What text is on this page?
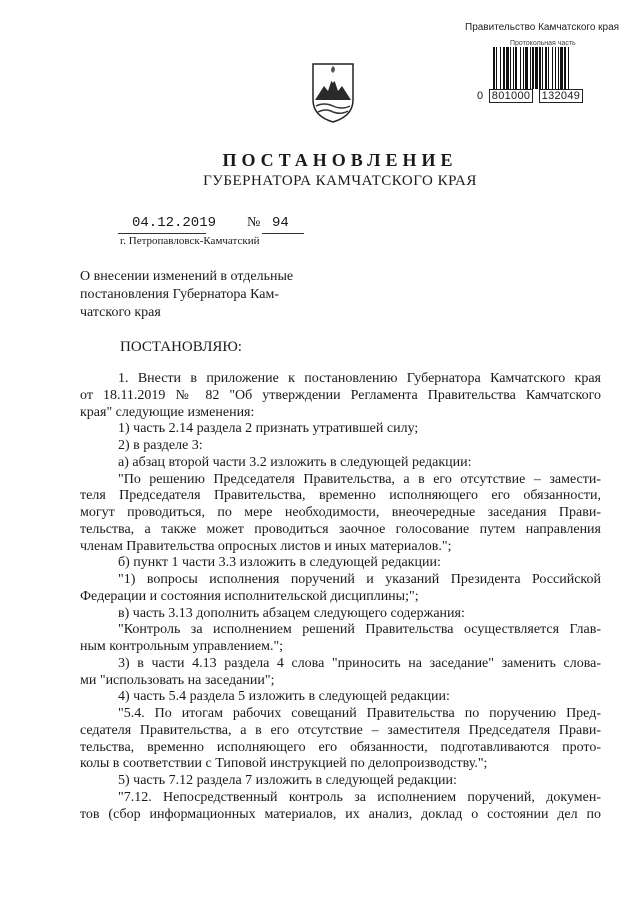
Правительство Камчатского края
Протокольная часть
0 801000 132049
ПОСТАНОВЛЕНИЕ
ГУБЕРНАТОРА КАМЧАТСКОГО КРАЯ
04.12.2019 № 94
г. Петропавловск-Камчатский
О внесении изменений в отдельные
постановления Губернатора Кам-
чатского края
ПОСТАНОВЛЯЮ:

1. Внести в приложение к постановлению Губернатора Камчатского края

от 18.11.2019 № 82 "Об утверждении Регламента Правительства Камчатского

края" следующие изменения:

1) часть 2.14 раздела 2 признать утратившей силу;

2) в разделе 3:

а) абзац второй части 3.2 изложить в следующей редакции:

"По решению Председателя Правительства, а в его отсутствие – замести-

теля Председателя Правительства, временно исполняющего его обязанности,

могут проводиться, по мере необходимости, внеочередные заседания Прави-

тельства, а также может проводиться заочное голосование путем направления

членам Правительства опросных листов и иных материалов.";

б) пункт 1 части 3.3 изложить в следующей редакции:

"1) вопросы исполнения поручений и указаний Президента Российской

Федерации и состояния исполнительской дисциплины;";

в) часть 3.13 дополнить абзацем следующего содержания:

"Контроль за исполнением решений Правительства осуществляется Глав-

ным контрольным управлением.";

3) в части 4.13 раздела 4 слова "приносить на заседание" заменить слова-

ми "использовать на заседании";

4) часть 5.4 раздела 5 изложить в следующей редакции:

"5.4. По итогам рабочих совещаний Правительства по поручению Пред-

седателя Правительства, а в его отсутствие – заместителя Председателя Прави-

тельства, временно исполняющего его обязанности, подготавливаются прото-

колы в соответствии с Типовой инструкцией по делопроизводству.";

5) часть 7.12 раздела 7 изложить в следующей редакции:

"7.12. Непосредственный контроль за исполнением поручений, докумен-

тов (сбор информационных материалов, их анализ, доклад о состоянии дел по
